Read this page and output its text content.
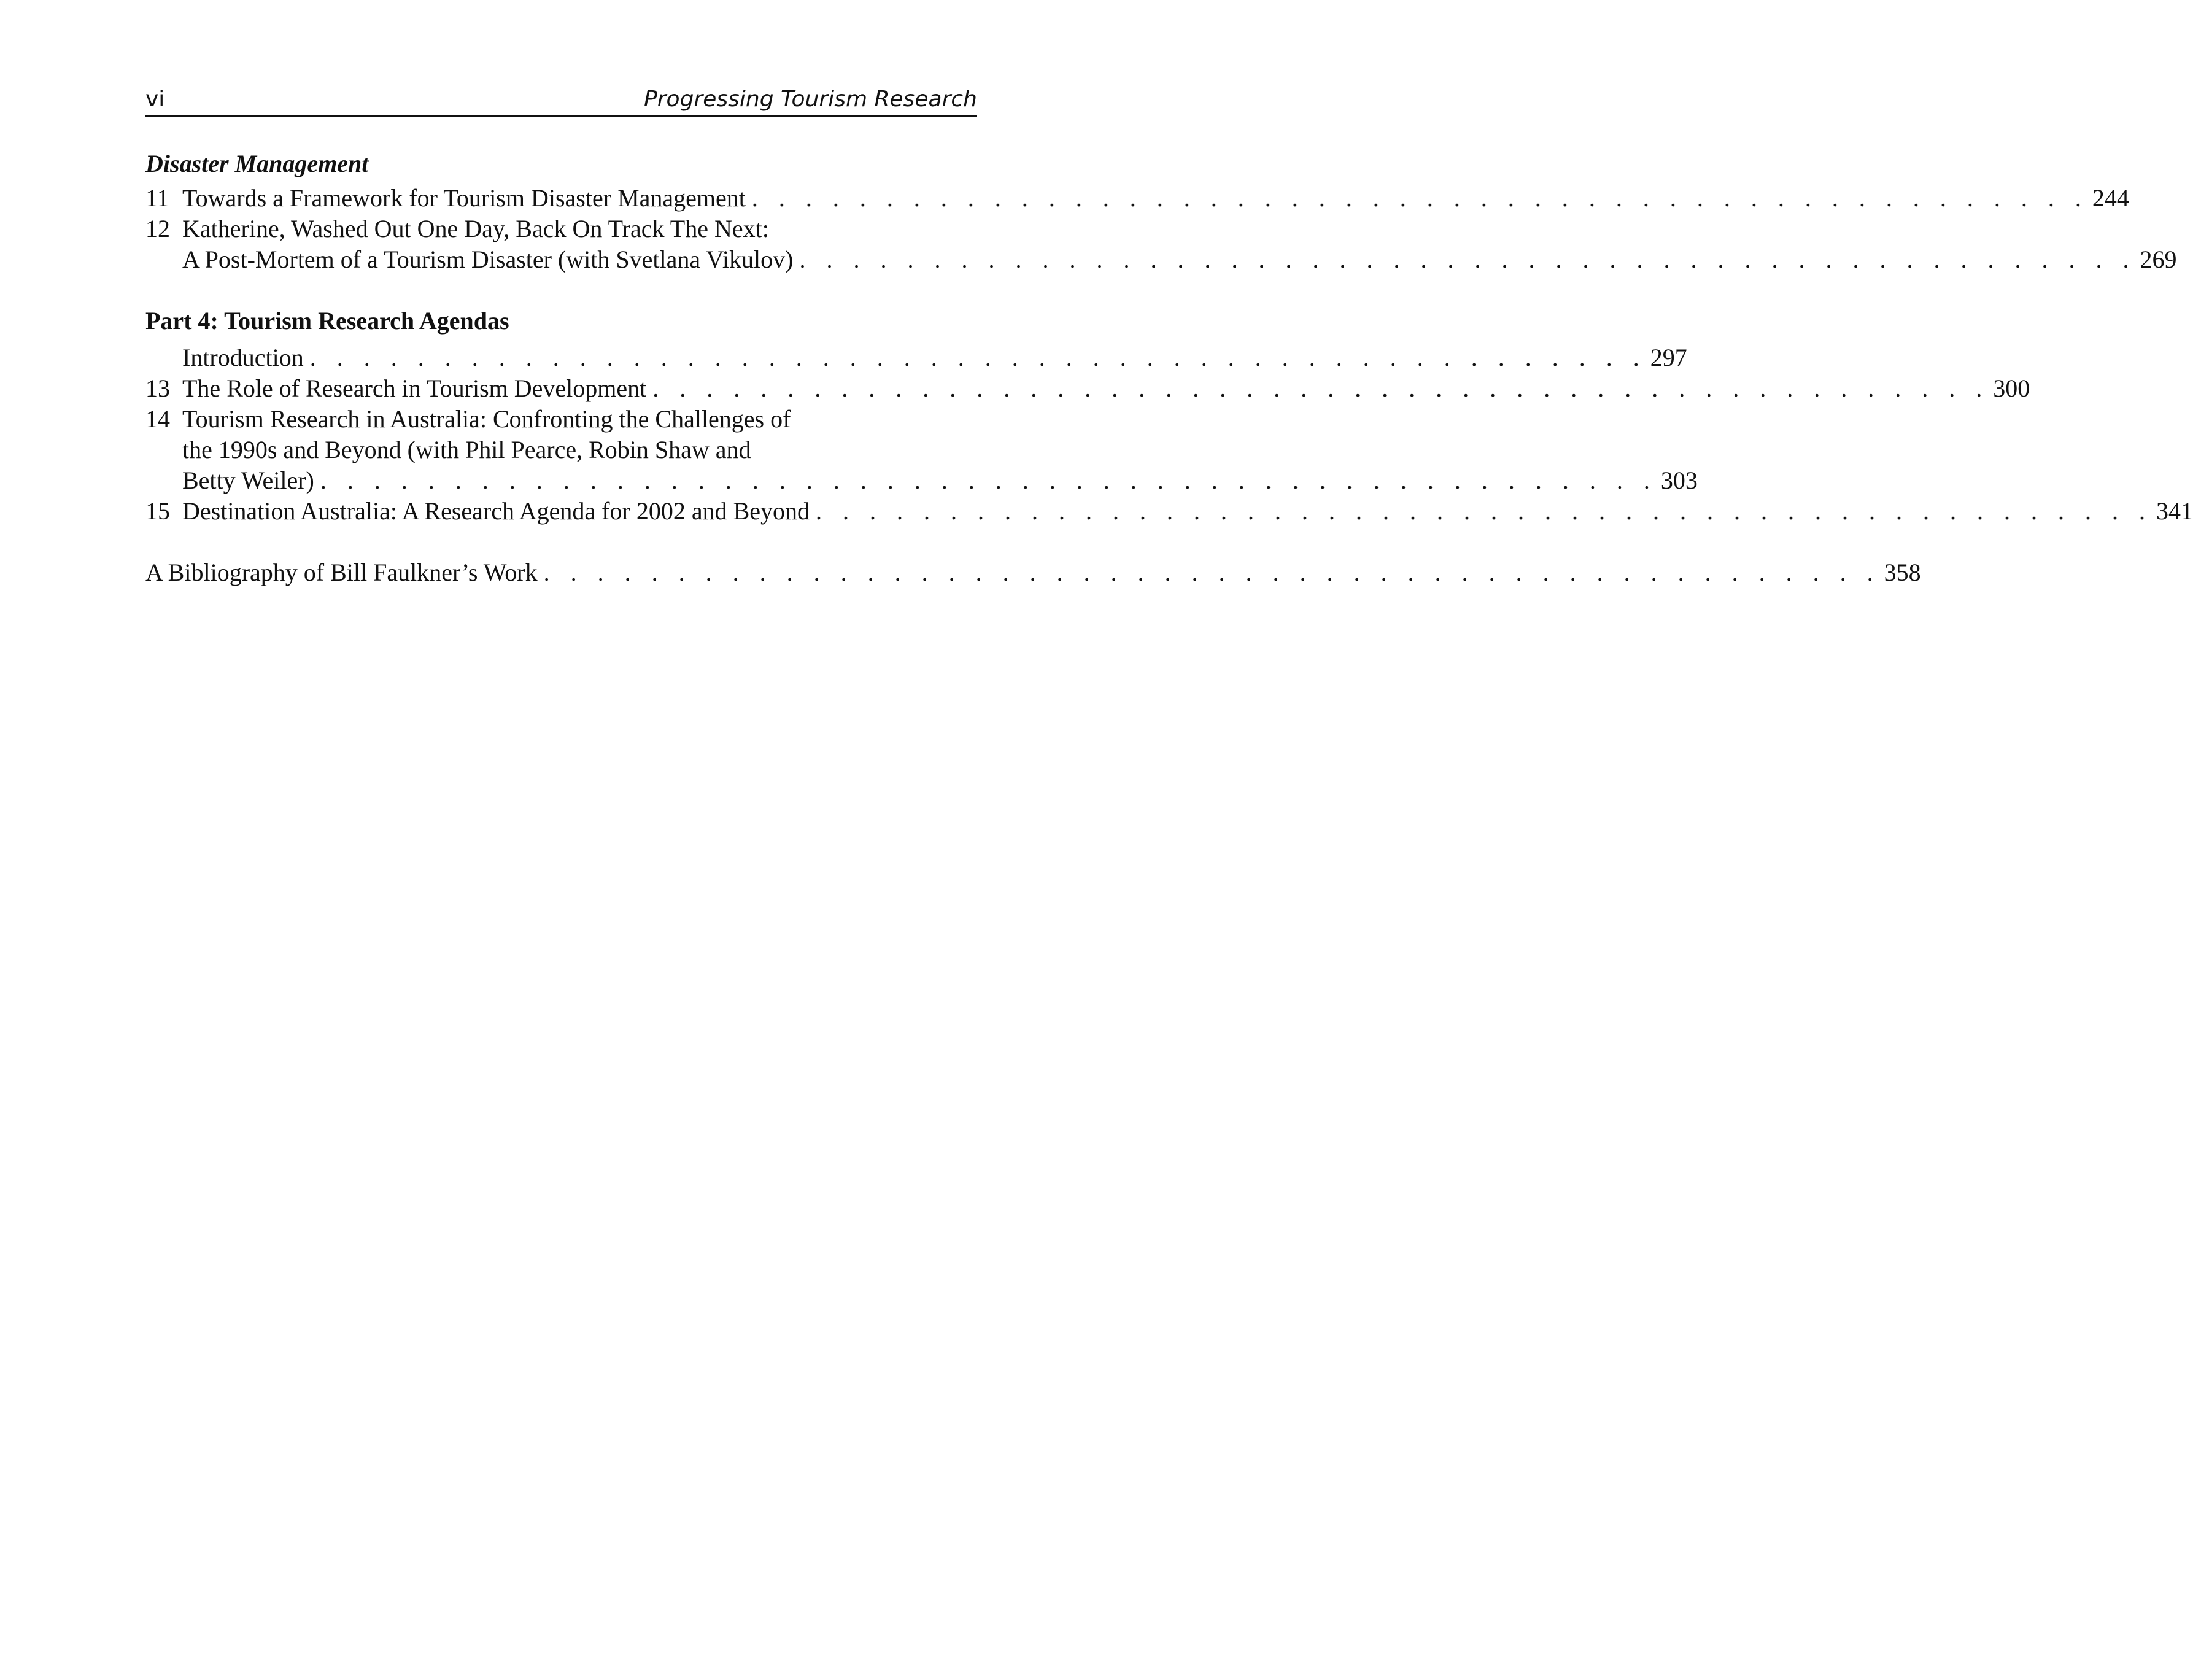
vi	Progressing Tourism Research
Disaster Management
11 Towards a Framework for Tourism Disaster Management . . . . . . . . . . . . . . . . . . . . . . . . . . . . . . . . . . . . . . . . . . . . . . . . . . 244
12 Katherine, Washed Out One Day, Back On Track The Next:
A Post-Mortem of a Tourism Disaster (with Svetlana Vikulov) . . . . . . . . . . . . . . . . . . . . . . . . . . . . . . . . . . . . . . . . . . . . . . . . . . 269
Part 4: Tourism Research Agendas
Introduction . . . . . . . . . . . . . . . . . . . . . . . . . . . . . . . . . . . . . . . . . . . . . . . . . . 297
13 The Role of Research in Tourism Development . . . . . . . . . . . . . . . . . . . . . . . . . . . . . . . . . . . . . . . . . . . . . . . . . . 300
14 Tourism Research in Australia: Confronting the Challenges of
the 1990s and Beyond (with Phil Pearce, Robin Shaw and
Betty Weiler) . . . . . . . . . . . . . . . . . . . . . . . . . . . . . . . . . . . . . . . . . . . . . . . . . . 303
15 Destination Australia: A Research Agenda for 2002 and Beyond . . . . . . . . . . . . . . . . . . . . . . . . . . . . . . . . . . . . . . . . . . . . . . . . . . 341
A Bibliography of Bill Faulkner’s Work . . . . . . . . . . . . . . . . . . . . . . . . . . . . . . . . . . . . . . . . . . . . . . . . . . 358
